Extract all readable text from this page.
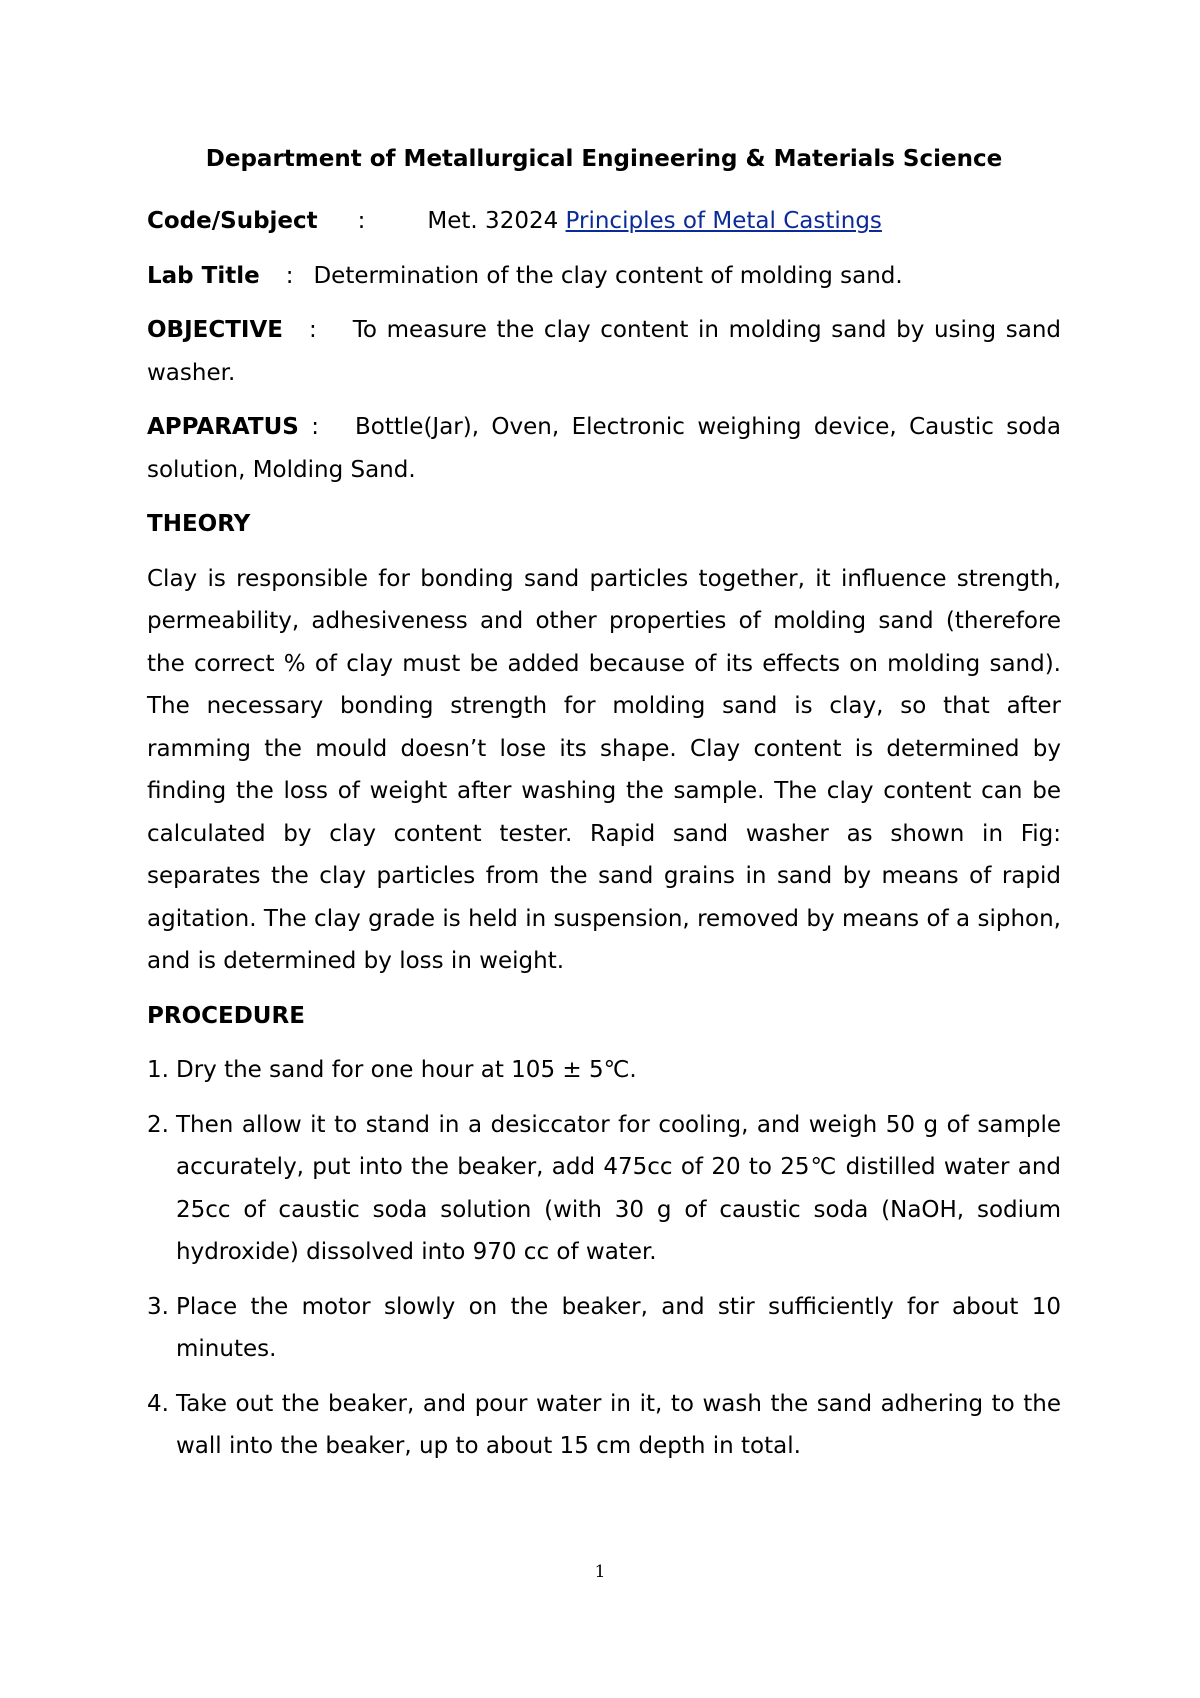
Department of Metallurgical Engineering & Materials Science

Code/Subject :	Met. 32024 Principles of Metal Castings

Lab Title : Determination of the clay content of molding sand.

OBJECTIVE : To measure the clay content in molding sand by using sand washer.

APPARATUS : Bottle(Jar), Oven, Electronic weighing device, Caustic soda solution, Molding Sand.

THEORY

Clay is responsible for bonding sand particles together, it influence strength, permeability, adhesiveness and other properties of molding sand (therefore the correct % of clay must be added because of its effects on molding sand). The necessary bonding strength for molding sand is clay, so that after ramming the mould doesn’t lose its shape. Clay content is determined by finding the loss of weight after washing the sample. The clay content can be calculated by clay content tester. Rapid sand washer as shown in Fig: separates the clay particles from the sand grains in sand by means of rapid agitation. The clay grade is held in suspension, removed by means of a siphon, and is determined by loss in weight.

PROCEDURE

1. Dry the sand for one hour at 105 ± 5℃.
2. Then allow it to stand in a desiccator for cooling, and weigh 50 g of sample accurately, put into the beaker, add 475cc of 20 to 25℃ distilled water and 25cc of caustic soda solution (with 30 g of caustic soda (NaOH, sodium hydroxide) dissolved into 970 cc of water.
3. Place the motor slowly on the beaker, and stir sufficiently for about 10 minutes.
4. Take out the beaker, and pour water in it, to wash the sand adhering to the wall into the beaker, up to about 15 cm depth in total.
1
